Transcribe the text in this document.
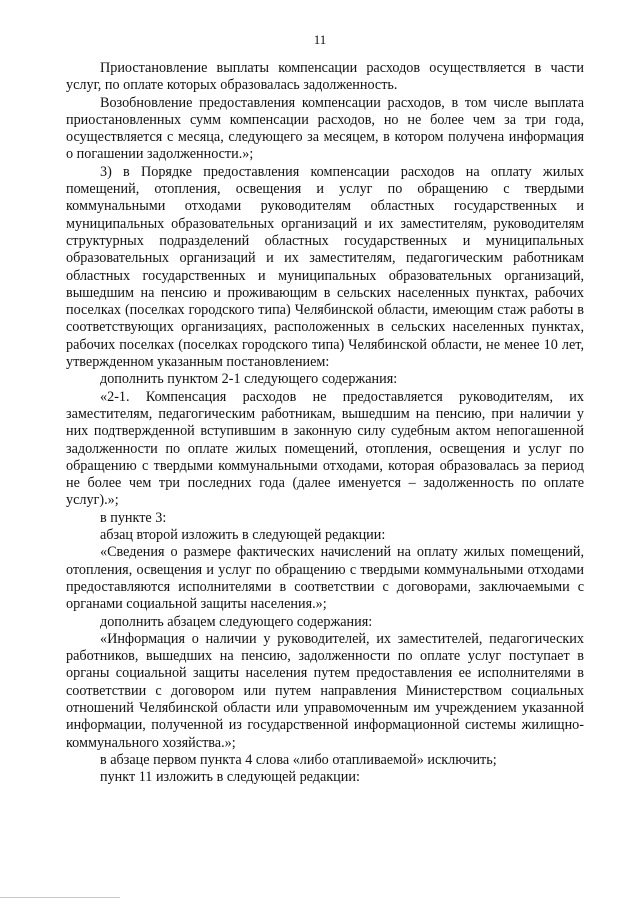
11

Приостановление выплаты компенсации расходов осуществляется в части услуг, по оплате которых образовалась задолженность.

Возобновление предоставления компенсации расходов, в том числе выплата приостановленных сумм компенсации расходов, но не более чем за три года, осуществляется с месяца, следующего за месяцем, в котором получена информация о погашении задолженности.»;

3) в Порядке предоставления компенсации расходов на оплату жилых помещений, отопления, освещения и услуг по обращению с твердыми коммунальными отходами руководителям областных государственных и муниципальных образовательных организаций и их заместителям, руководителям структурных подразделений областных государственных и муниципальных образовательных организаций и их заместителям, педагогическим работникам областных государственных и муниципальных образовательных организаций, вышедшим на пенсию и проживающим в сельских населенных пунктах, рабочих поселках (поселках городского типа) Челябинской области, имеющим стаж работы в соответствующих организациях, расположенных в сельских населенных пунктах, рабочих поселках (поселках городского типа) Челябинской области, не менее 10 лет, утвержденном указанным постановлением:

дополнить пунктом 2-1 следующего содержания:

«2-1. Компенсация расходов не предоставляется руководителям, их заместителям, педагогическим работникам, вышедшим на пенсию, при наличии у них подтвержденной вступившим в законную силу судебным актом непогашенной задолженности по оплате жилых помещений, отопления, освещения и услуг по обращению с твердыми коммунальными отходами, которая образовалась за период не более чем три последних года (далее именуется – задолженность по оплате услуг).»;

в пункте 3:

абзац второй изложить в следующей редакции:

«Сведения о размере фактических начислений на оплату жилых помещений, отопления, освещения и услуг по обращению с твердыми коммунальными отходами предоставляются исполнителями в соответствии с договорами, заключаемыми с органами социальной защиты населения.»;

дополнить абзацем следующего содержания:

«Информация о наличии у руководителей, их заместителей, педагогических работников, вышедших на пенсию, задолженности по оплате услуг поступает в органы социальной защиты населения путем предоставления ее исполнителями в соответствии с договором или путем направления Министерством социальных отношений Челябинской области или управомоченным им учреждением указанной информации, полученной из государственной информационной системы жилищно-коммунального хозяйства.»;

в абзаце первом пункта 4 слова «либо отапливаемой» исключить;

пункт 11 изложить в следующей редакции:
